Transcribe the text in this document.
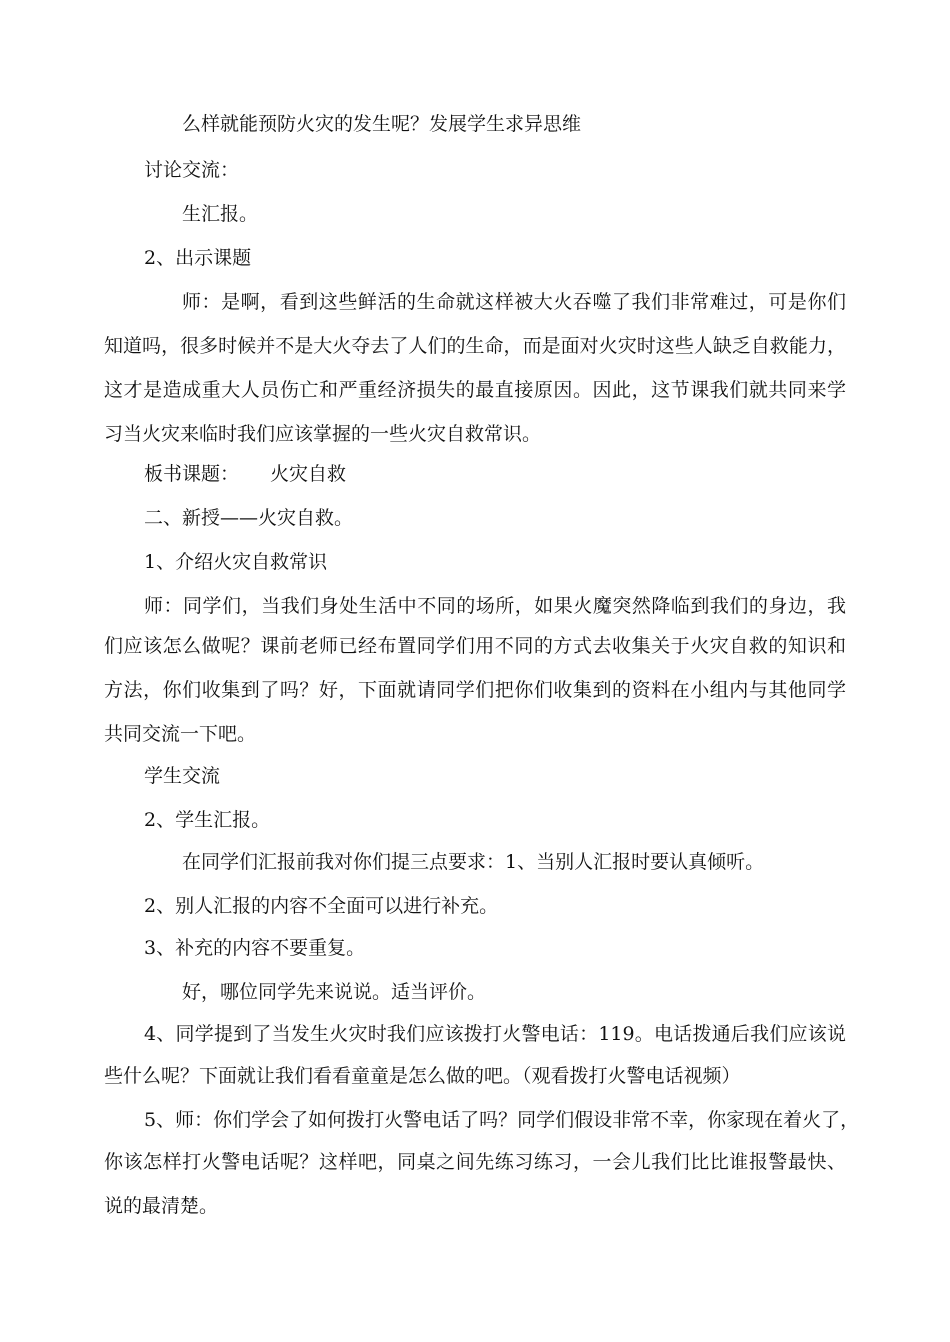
么样就能预防火灾的发生呢？发展学生求异思维
讨论交流：
生汇报。
2、出示课题
师：是啊，看到这些鲜活的生命就这样被大火吞噬了我们非常难过，可是你们
知道吗，很多时候并不是大火夺去了人们的生命，而是面对火灾时这些人缺乏自救能力，
这才是造成重大人员伤亡和严重经济损失的最直接原因。因此，这节课我们就共同来学
习当火灾来临时我们应该掌握的一些火灾自救常识。
板书课题： 火灾自救
二、新授——火灾自救。
1、介绍火灾自救常识
师：同学们，当我们身处生活中不同的场所，如果火魔突然降临到我们的身边，我
们应该怎么做呢？课前老师已经布置同学们用不同的方式去收集关于火灾自救的知识和
方法，你们收集到了吗？好，下面就请同学们把你们收集到的资料在小组内与其他同学
共同交流一下吧。
学生交流
2、学生汇报。
在同学们汇报前我对你们提三点要求：1、当别人汇报时要认真倾听。
2、别人汇报的内容不全面可以进行补充。
3、补充的内容不要重复。
好，哪位同学先来说说。适当评价。
4、同学提到了当发生火灾时我们应该拨打火警电话：119。电话拨通后我们应该说
些什么呢？下面就让我们看看童童是怎么做的吧。（观看拨打火警电话视频）
5、师：你们学会了如何拨打火警电话了吗？同学们假设非常不幸，你家现在着火了，
你该怎样打火警电话呢？这样吧，同桌之间先练习练习，一会儿我们比比谁报警最快、
说的最清楚。
